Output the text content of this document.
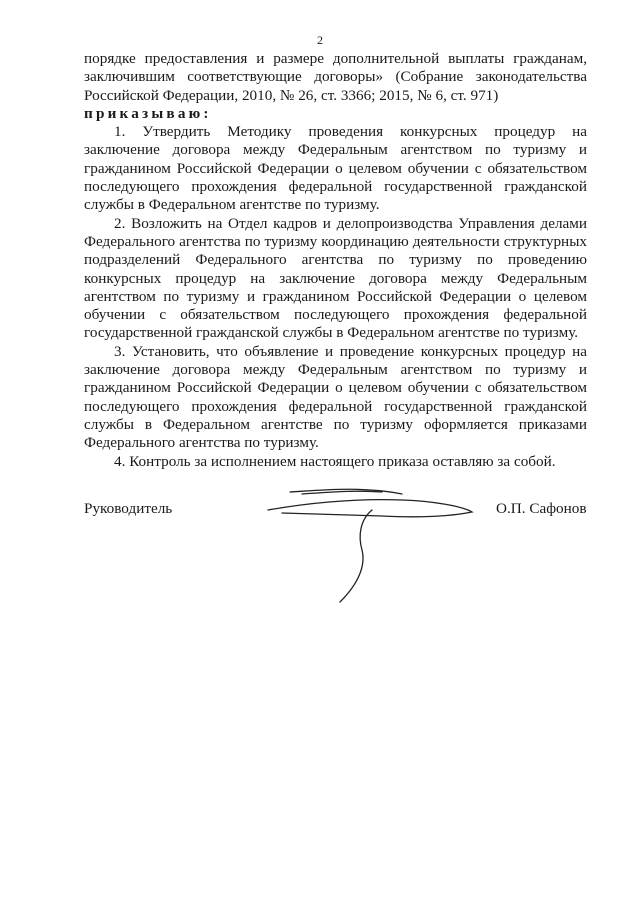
2

порядке предоставления и размере дополнительной выплаты гражданам, заключившим соответствующие договоры» (Собрание законодательства Российской Федерации, 2010, № 26, ст. 3366; 2015, № 6, ст. 971)

приказываю:

1. Утвердить Методику проведения конкурсных процедур на заключение договора между Федеральным агентством по туризму и гражданином Российской Федерации о целевом обучении с обязательством последующего прохождения федеральной государственной гражданской службы в Федеральном агентстве по туризму.

2. Возложить на Отдел кадров и делопроизводства Управления делами Федерального агентства по туризму координацию деятельности структурных подразделений Федерального агентства по туризму по проведению конкурсных процедур на заключение договора между Федеральным агентством по туризму и гражданином Российской Федерации о целевом обучении с обязательством последующего прохождения федеральной государственной гражданской службы в Федеральном агентстве по туризму.

3. Установить, что объявление и проведение конкурсных процедур на заключение договора между Федеральным агентством по туризму и гражданином Российской Федерации о целевом обучении с обязательством последующего прохождения федеральной государственной гражданской службы в Федеральном агентстве по туризму оформляется приказами Федерального агентства по туризму.

4. Контроль за исполнением настоящего приказа оставляю за собой.

Руководитель	О.П. Сафонов
